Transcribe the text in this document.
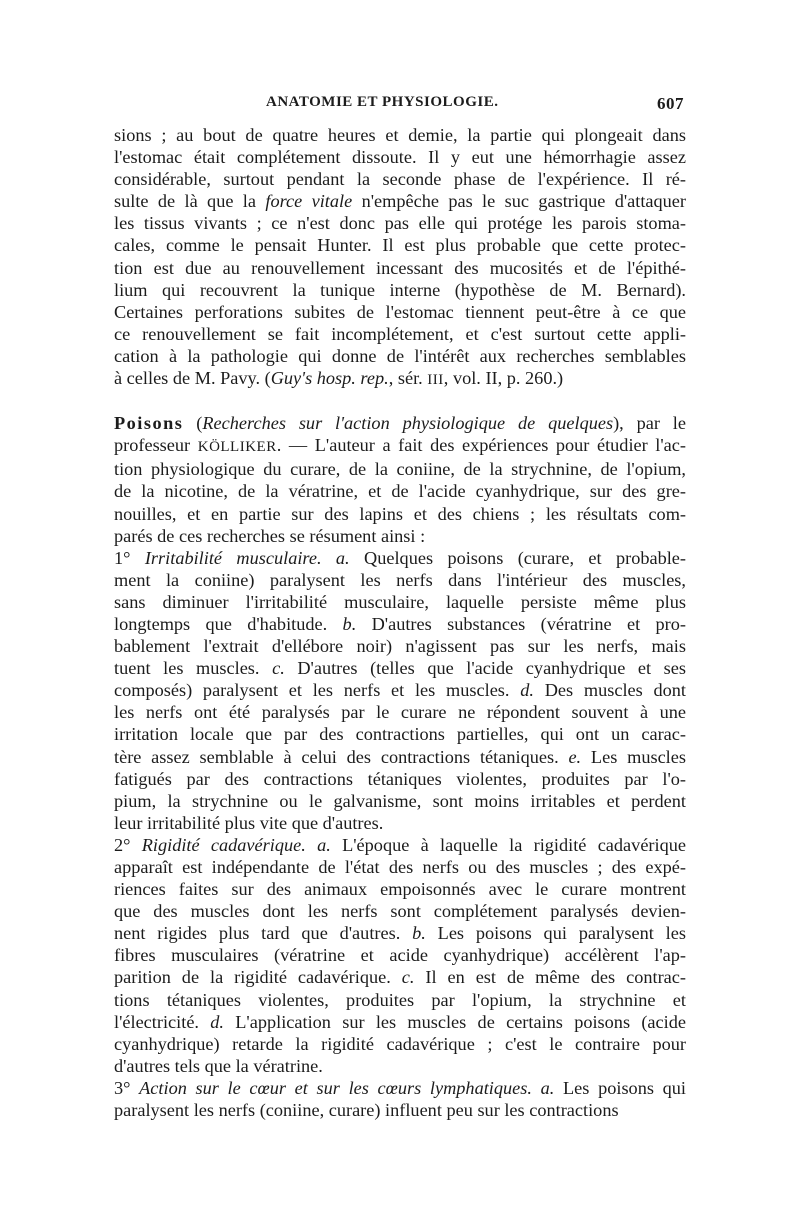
ANATOMIE ET PHYSIOLOGIE.	607
sions ; au bout de quatre heures et demie, la partie qui plongeait dans
l'estomac était complétement dissoute. Il y eut une hémorrhagie assez
considérable, surtout pendant la seconde phase de l'expérience. Il ré-
sulte de là que la force vitale n'empêche pas le suc gastrique d'attaquer
les tissus vivants ; ce n'est donc pas elle qui protége les parois stoma-
cales, comme le pensait Hunter. Il est plus probable que cette protec-
tion est due au renouvellement incessant des mucosités et de l'épithé-
lium qui recouvrent la tunique interne (hypothèse de M. Bernard).
Certaines perforations subites de l'estomac tiennent peut-être à ce que
ce renouvellement se fait incomplétement, et c'est surtout cette appli-
cation à la pathologie qui donne de l'intérêt aux recherches semblables
à celles de M. Pavy. (Guy's hosp. rep., sér. III, vol. II, p. 260.)
Poisons (Recherches sur l'action physiologique de quelques), par le
professeur KÖLLIKER. — L'auteur a fait des expériences pour étudier l'ac-
tion physiologique du curare, de la coniine, de la strychnine, de l'opium,
de la nicotine, de la vératrine, et de l'acide cyanhydrique, sur des gre-
nouilles, et en partie sur des lapins et des chiens ; les résultats com-
parés de ces recherches se résument ainsi :
1° Irritabilité musculaire. a. Quelques poisons (curare, et probable-
ment la coniine) paralysent les nerfs dans l'intérieur des muscles,
sans diminuer l'irritabilité musculaire, laquelle persiste même plus
longtemps que d'habitude. b. D'autres substances (vératrine et pro-
bablement l'extrait d'ellébore noir) n'agissent pas sur les nerfs, mais
tuent les muscles. c. D'autres (telles que l'acide cyanhydrique et ses
composés) paralysent et les nerfs et les muscles. d. Des muscles dont
les nerfs ont été paralysés par le curare ne répondent souvent à une
irritation locale que par des contractions partielles, qui ont un carac-
tère assez semblable à celui des contractions tétaniques. e. Les muscles
fatigués par des contractions tétaniques violentes, produites par l'o-
pium, la strychnine ou le galvanisme, sont moins irritables et perdent
leur irritabilité plus vite que d'autres.
2° Rigidité cadavérique. a. L'époque à laquelle la rigidité cadavérique
apparaît est indépendante de l'état des nerfs ou des muscles ; des expé-
riences faites sur des animaux empoisonnés avec le curare montrent
que des muscles dont les nerfs sont complétement paralysés devien-
nent rigides plus tard que d'autres. b. Les poisons qui paralysent les
fibres musculaires (vératrine et acide cyanhydrique) accélèrent l'ap-
parition de la rigidité cadavérique. c. Il en est de même des contrac-
tions tétaniques violentes, produites par l'opium, la strychnine et
l'électricité. d. L'application sur les muscles de certains poisons (acide
cyanhydrique) retarde la rigidité cadavérique ; c'est le contraire pour
d'autres tels que la vératrine.
3° Action sur le cœur et sur les cœurs lymphatiques. a. Les poisons qui
paralysent les nerfs (coniine, curare) influent peu sur les contractions
